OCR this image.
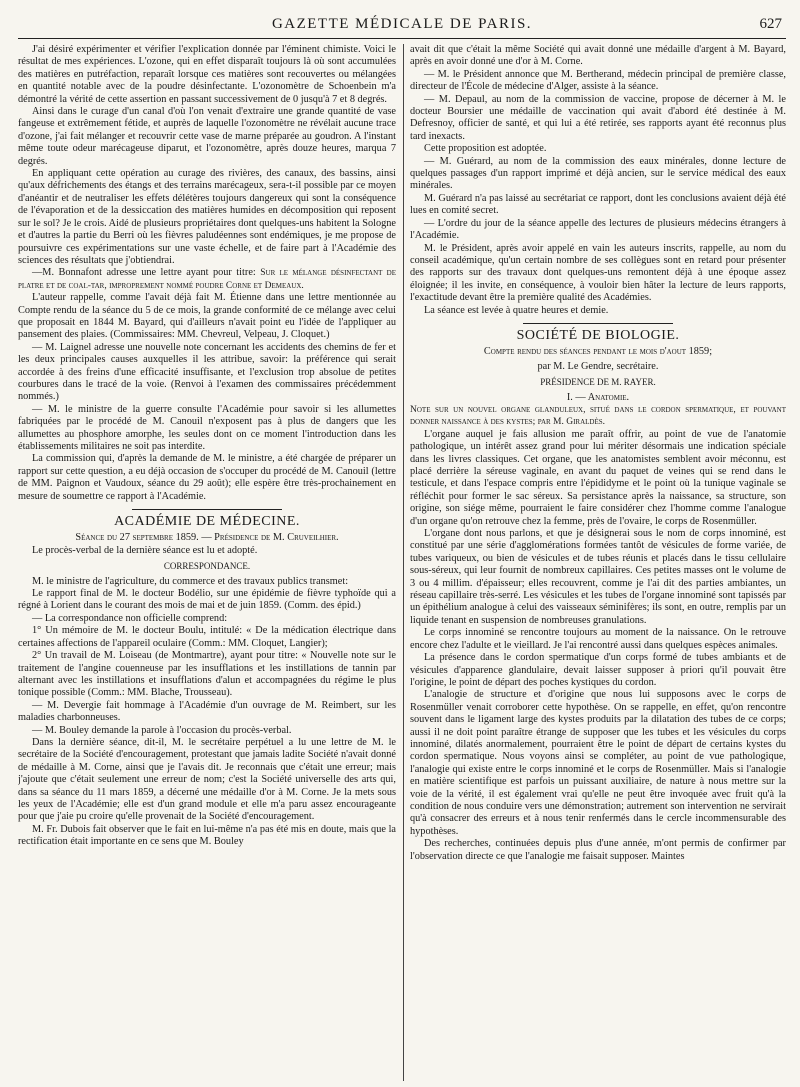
GAZETTE MÉDICALE DE PARIS.	627

J'ai désiré expérimenter et vérifier l'explication donnée par l'éminent chimiste. Voici le résultat de mes expériences. L'ozone, qui en effet disparaît toujours là où sont accumulées des matières en putréfaction, reparaît lorsque ces matières sont recouvertes ou mélangées en quantité notable avec de la poudre désinfectante. L'ozonomètre de Schoenbein m'a démontré la vérité de cette assertion en passant successivement de 0 jusqu'à 7 et 8 degrés.

Ainsi dans le curage d'un canal d'où l'on venait d'extraire une grande quantité de vase fangeuse et extrêmement fétide, et auprès de laquelle l'ozonomètre ne révélait aucune trace d'ozone, j'ai fait mélanger et recouvrir cette vase de marne préparée au goudron. A l'instant même toute odeur marécageuse diparut, et l'ozonomètre, après douze heures, marqua 7 degrés.

En appliquant cette opération au curage des rivières, des canaux, des bassins, ainsi qu'aux défrichements des étangs et des terrains marécageux, sera-t-il possible par ce moyen d'anéantir et de neutraliser les effets délétères toujours dangereux qui sont la conséquence de l'évaporation et de la dessiccation des matières humides en décomposition qui reposent sur le sol? Je le crois. Aidé de plusieurs propriétaires dont quelques-uns habitent la Sologne et d'autres la partie du Berri où les fièvres paludéennes sont endémiques, je me propose de poursuivre ces expérimentations sur une vaste échelle, et de faire part à l'Académie des sciences des résultats que j'obtiendrai.

—M. Bonnafont adresse une lettre ayant pour titre: Sur le mélange désinfectant de platre et de coal-tar, improprement nommé poudre Corne et Demeaux.

L'auteur rappelle, comme l'avait déjà fait M. Étienne dans une lettre mentionnée au Compte rendu de la séance du 5 de ce mois, la grande conformité de ce mélange avec celui que proposait en 1844 M. Bayard, qui d'ailleurs n'avait point eu l'idée de l'appliquer au pansement des plaies. (Commissaires: MM. Chevreul, Velpeau, J. Cloquet.)

— M. Laignel adresse une nouvelle note concernant les accidents des chemins de fer et les deux principales causes auxquelles il les attribue, savoir: la préférence qui serait accordée à des freins d'une efficacité insuffisante, et l'exclusion trop absolue de petites courbures dans le tracé de la voie. (Renvoi à l'examen des commissaires précédemment nommés.)

— M. le ministre de la guerre consulte l'Académie pour savoir si les allumettes fabriquées par le procédé de M. Canouil n'exposent pas à plus de dangers que les allumettes au phosphore amorphe, les seules dont on ce moment l'introduction dans les établissements militaires ne soit pas interdite.

La commission qui, d'après la demande de M. le ministre, a été chargée de préparer un rapport sur cette question, a eu déjà occasion de s'occuper du procédé de M. Canouil (lettre de MM. Paignon et Vaudoux, séance du 29 août); elle espère être très-prochainement en mesure de soumettre ce rapport à l'Académie.

ACADÉMIE DE MÉDECINE.

Séance du 27 septembre 1859. — Présidence de M. Cruveilhier.

Le procès-verbal de la dernière séance est lu et adopté.

CORRESPONDANCE.

M. le ministre de l'agriculture, du commerce et des travaux publics transmet:

Le rapport final de M. le docteur Bodélio, sur une épidémie de fièvre typhoïde qui a régné à Lorient dans le courant des mois de mai et de juin 1859. (Comm. des épid.)

— La correspondance non officielle comprend:

1° Un mémoire de M. le docteur Boulu, intitulé: « De la médication électrique dans certaines affections de l'appareil oculaire (Comm.: MM. Cloquet, Langier);

2° Un travail de M. Loiseau (de Montmartre), ayant pour titre: « Nouvelle note sur le traitement de l'angine couenneuse par les insufflations et les instillations de tannin par alternant avec les instillations et insufflations d'alun et accompagnées du régime le plus tonique possible (Comm.: MM. Blache, Trousseau).

— M. Devergie fait hommage à l'Académie d'un ouvrage de M. Reimbert, sur les maladies charbonneuses.

— M. Bouley demande la parole à l'occasion du procès-verbal.

Dans la dernière séance, dit-il, M. le secrétaire perpétuel a lu une lettre de M. le secrétaire de la Société d'encouragement, protestant que jamais ladite Société n'avait donné de médaille à M. Corne, ainsi que je l'avais dit. Je reconnais que c'était une erreur; mais j'ajoute que c'était seulement une erreur de nom; c'est la Société universelle des arts qui, dans sa séance du 11 mars 1859, a décerné une médaille d'or à M. Corne. Je la mets sous les yeux de l'Académie; elle est d'un grand module et elle m'a paru assez encourageante pour que j'aie pu croire qu'elle provenait de la Société d'encouragement.

M. Fr. Dubois fait observer que le fait en lui-même n'a pas été mis en doute, mais que la rectification était importante en ce sens que M. Bouley

avait dit que c'était la même Société qui avait donné une médaille d'argent à M. Bayard, après en avoir donné une d'or à M. Corne.

— M. le Président annonce que M. Bertherand, médecin principal de première classe, directeur de l'École de médecine d'Alger, assiste à la séance.

— M. Depaul, au nom de la commission de vaccine, propose de décerner à M. le docteur Boursier une médaille de vaccination qui avait d'abord été destinée à M. Defresnoy, officier de santé, et qui lui a été retirée, ses rapports ayant été reconnus plus tard inexacts.

Cette proposition est adoptée.

— M. Guérard, au nom de la commission des eaux minérales, donne lecture de quelques passages d'un rapport imprimé et déjà ancien, sur le service médical des eaux minérales.

M. Guérard n'a pas laissé au secrétariat ce rapport, dont les conclusions avaient déjà été lues en comité secret.

— L'ordre du jour de la séance appelle des lectures de plusieurs médecins étrangers à l'Académie.

M. le Président, après avoir appelé en vain les auteurs inscrits, rappelle, au nom du conseil académique, qu'un certain nombre de ses collègues sont en retard pour présenter des rapports sur des travaux dont quelques-uns remontent déjà à une époque assez éloignée; il les invite, en conséquence, à vouloir bien hâter la lecture de leurs rapports, l'exactitude devant être la première qualité des Académies.

La séance est levée à quatre heures et demie.

SOCIÉTÉ DE BIOLOGIE.

Compte rendu des séances pendant le mois d'aout 1859;

par M. Le Gendre, secrétaire.

PRÉSIDENCE DE M. RAYER.

I. — Anatomie.

Note sur un nouvel organe glanduleux, situé dans le cordon spermatique, et pouvant donner naissance à des kystes; par M. Giraldès.

L'organe auquel je fais allusion me paraît offrir, au point de vue de l'anatomie pathologique, un intérêt assez grand pour lui mériter désormais une indication spéciale dans les livres classiques. Cet organe, que les anatomistes semblent avoir méconnu, est placé derrière la séreuse vaginale, en avant du paquet de veines qui se rend dans le testicule, et dans l'espace compris entre l'épididyme et le point où la tunique vaginale se réfléchit pour former le sac séreux. Sa persistance après la naissance, sa structure, son origine, son siége même, pourraient le faire considérer chez l'homme comme l'analogue d'un organe qu'on retrouve chez la femme, près de l'ovaire, le corps de Rosenmüller.

L'organe dont nous parlons, et que je désignerai sous le nom de corps innominé, est constitué par une série d'agglomérations formées tantôt de vésicules de forme variée, de tubes variqueux, ou bien de vésicules et de tubes réunis et placés dans le tissu cellulaire sous-séreux, qui leur fournit de nombreux capillaires. Ces petites masses ont le volume de 3 ou 4 millim. d'épaisseur; elles recouvrent, comme je l'ai dit des parties ambiantes, un réseau capillaire très-serré. Les vésicules et les tubes de l'organe innominé sont tapissés par un épithélium analogue à celui des vaisseaux séminifères; ils sont, en outre, remplis par un liquide tenant en suspension de nombreuses granulations.

Le corps innominé se rencontre toujours au moment de la naissance. On le retrouve encore chez l'adulte et le vieillard. Je l'ai rencontré aussi dans quelques espèces animales.

La présence dans le cordon spermatique d'un corps formé de tubes ambiants et de vésicules d'apparence glandulaire, devait laisser supposer à priori qu'il pouvait être l'origine, le point de départ des poches kystiques du cordon.

L'analogie de structure et d'origine que nous lui supposons avec le corps de Rosenmüller venait corroborer cette hypothèse. On se rappelle, en effet, qu'on rencontre souvent dans le ligament large des kystes produits par la dilatation des tubes de ce corps; aussi il ne doit point paraître étrange de supposer que les tubes et les vésicules du corps innominé, dilatés anormalement, pourraient être le point de départ de certains kystes du cordon spermatique. Nous voyons ainsi se compléter, au point de vue pathologique, l'analogie qui existe entre le corps innominé et le corps de Rosenmüller. Mais si l'analogie en matière scientifique est parfois un puissant auxiliaire, de nature à nous mettre sur la voie de la vérité, il est également vrai qu'elle ne peut être invoquée avec fruit qu'à la condition de nous conduire vers une démonstration; autrement son intervention ne servirait qu'à consacrer des erreurs et à nous tenir renfermés dans le cercle incommensurable des hypothèses.

Des recherches, continuées depuis plus d'une année, m'ont permis de confirmer par l'observation directe ce que l'analogie me faisait supposer. Maintes
